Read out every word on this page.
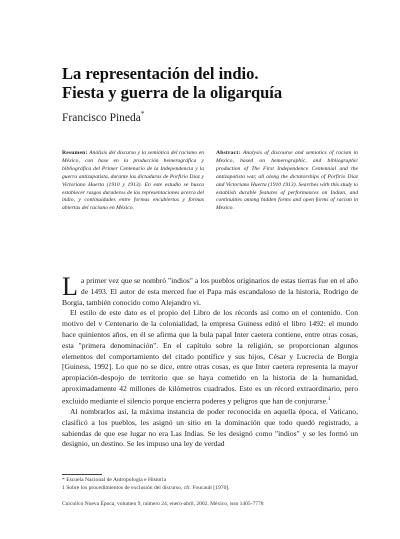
La representación del indio.
Fiesta y guerra de la oligarquía
Francisco Pineda*
Resumen: Análisis del discurso y la semiótica del racismo en México, con base en la producción hemerográfica y bibliográfica del Primer Centenario de la Independencia y la guerra antizapatista, durante las dictaduras de Porfirio Díaz y Victoriano Huerta (1910 y 1913). En este estudio se busca establecer rasgos duraderos de las representaciones acerca del indio, y continuidades entre formas encubiertas y formas abiertas del racismo en México.
Abstract: Analysis of discourse and semiotics of racism in Mexico, based on hemerographic, and bibliographic production of The First Independence Centennial and the antizapatista war, all along the dictatorships of Porfirio Díaz and Victoriano Huerta (1910 1913). Searches with this study to establish durable features of performances on Indian, and continuities among hidden forms and open forms of racism in Mexico.

La primer vez que se nombró "indios" a los pueblos originarios de estas tierras fue en el año de 1493. El autor de esta merced fue el Papa más escandaloso de la historia, Rodrigo de Borgia, también conocido como Alejandro vi.

El estilo de este dato es el propio del Libro de los récords así como en el contenido. Con motivo del v Centenario de la colonialidad, la empresa Guiness editó el libro 1492: el mundo hace quinientos años, en él se afirma que la bula papal Inter caetera contiene, entre otras cosas, esta "primera denominación". En el capítulo sobre la religión, se proporcionan algunos elementos del comportamiento del citado pontífice y sus hijos, César y Lucrecia de Borgia [Guiness, 1992]. Lo que no se dice, entre otras cosas, es que Inter caetera representa la mayor apropiación-despojo de territorio que se haya cometido en la historia de la humanidad, aproximadamente 42 millones de kilómetros cuadrados. Este es un récord extraordinario, pero excluido mediante el silencio porque encierra poderes y peligros que han de conjurarse.$^1$

Al nombrarlos así, la máxima instancia de poder reconocida en aquella época, el Vaticano, clasificó a los pueblos, les asignó un sitio en la dominación que todo quedó registrado, a sabiendas de que ese lugar no era Las Indias. Se les designó como "indios" y se les formó un designio, un destino. Se les impuso una ley de verdad

* Escuela Nacional de Antropología e Historia
1 Sobre los procedimientos de exclusión del discurso, cfr. Foucault [1970].
Cuicuilco Nueva Época, volumen 9, número 24, enero-abril, 2002, México, issn 1405-7778
